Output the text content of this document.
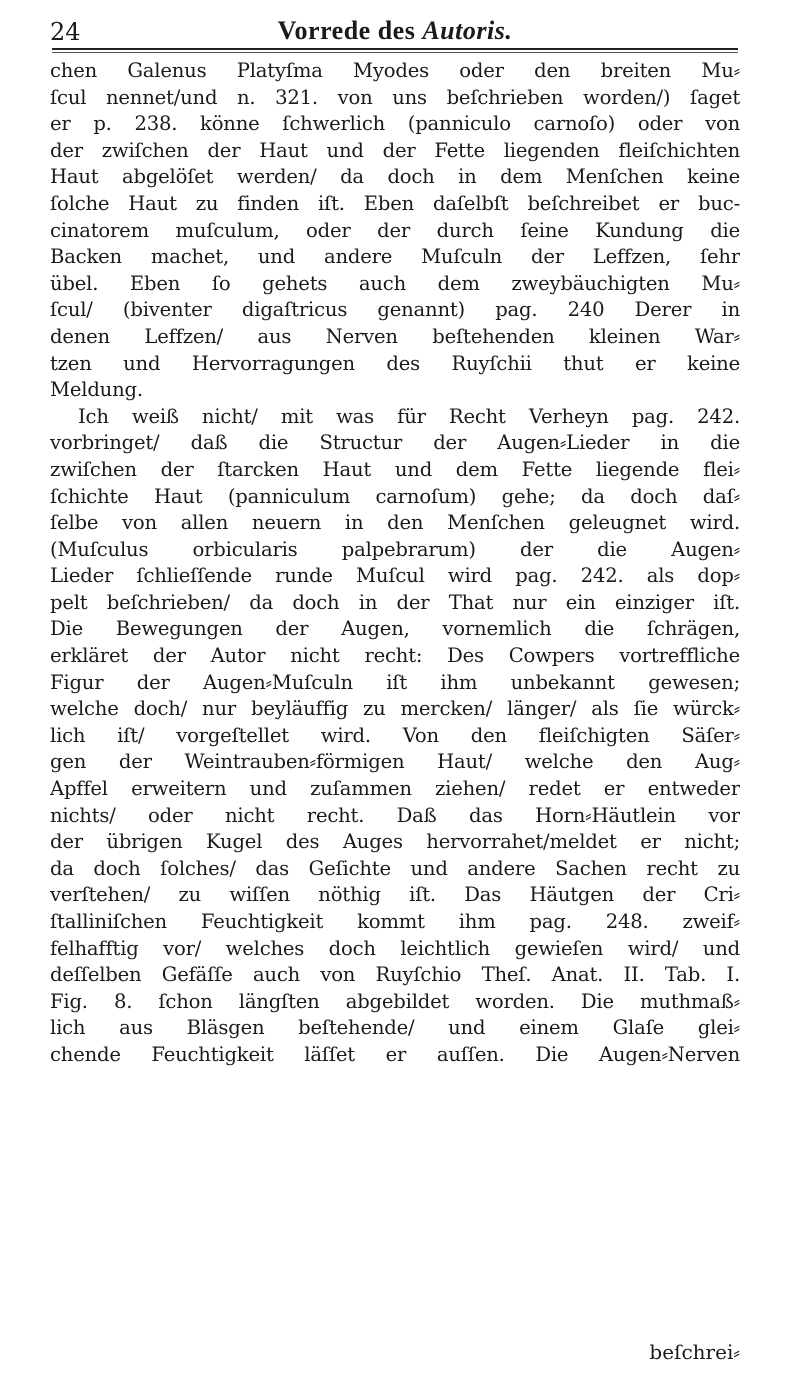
24	Vorrede des Autoris.
chen Galenus Platyſma Myodes oder den breiten Mu⸗
ſcul nennet/und n. 321. von uns beſchrieben worden/) ſaget
er p. 238. könne ſchwerlich (panniculo carnoſo) oder von
der zwiſchen der Haut und der Fette liegenden fleiſchichten
Haut abgelöſet werden/ da doch in dem Menſchen keine
ſolche Haut zu finden iſt. Eben daſelbſt beſchreibet er buc-
cinatorem muſculum, oder der durch ſeine Kundung die
Backen machet, und andere Muſculn der Leffzen, ſehr
übel. Eben ſo gehets auch dem zweybäuchigten Mu⸗
ſcul/ (biventer digaſtricus genannt) pag. 240 Derer in
denen Leffzen/ aus Nerven beſtehenden kleinen War⸗
tzen und Hervorragungen des Ruyſchii thut er keine
Meldung.
Ich weiß nicht/ mit was für Recht Verheyn pag. 242.
vorbringet/ daß die Structur der Augen⸗Lieder in die
zwiſchen der ſtarcken Haut und dem Fette liegende flei⸗
ſchichte Haut (panniculum carnoſum) gehe; da doch daſ⸗
ſelbe von allen neuern in den Menſchen geleugnet wird.
(Muſculus orbicularis palpebrarum) der die Augen⸗
Lieder ſchlieſſende runde Muſcul wird pag. 242. als dop⸗
pelt beſchrieben/ da doch in der That nur ein einziger iſt.
Die Bewegungen der Augen, vornemlich die ſchrägen,
erkläret der Autor nicht recht: Des Cowpers vortreffliche
Figur der Augen⸗Muſculn iſt ihm unbekannt gewesen;
welche doch/ nur beyläuffig zu mercken/ länger/ als ſie würck⸗
lich iſt/ vorgeſtellet wird. Von den fleiſchigten Säſer⸗
gen der Weintrauben⸗förmigen Haut/ welche den Aug⸗
Apffel erweitern und zuſammen ziehen/ redet er entweder
nichts/ oder nicht recht. Daß das Horn⸗Häutlein vor
der übrigen Kugel des Auges hervorrahet/meldet er nicht;
da doch ſolches/ das Geſichte und andere Sachen recht zu
verſtehen/ zu wiſſen nöthig iſt. Das Häutgen der Cri⸗
ſtalliniſchen Feuchtigkeit kommt ihm pag. 248. zweif⸗
felhafftig vor/ welches doch leichtlich gewieſen wird/ und
deſſelben Gefäſſe auch von Ruyſchio Theſ. Anat. II. Tab. I.
Fig. 8. ſchon längſten abgebildet worden. Die muthmaß⸗
lich aus Bläsgen beſtehende/ und einem Glaſe glei⸗
chende Feuchtigkeit läſſet er auſſen. Die Augen⸗Nerven
beſchrei⸗
